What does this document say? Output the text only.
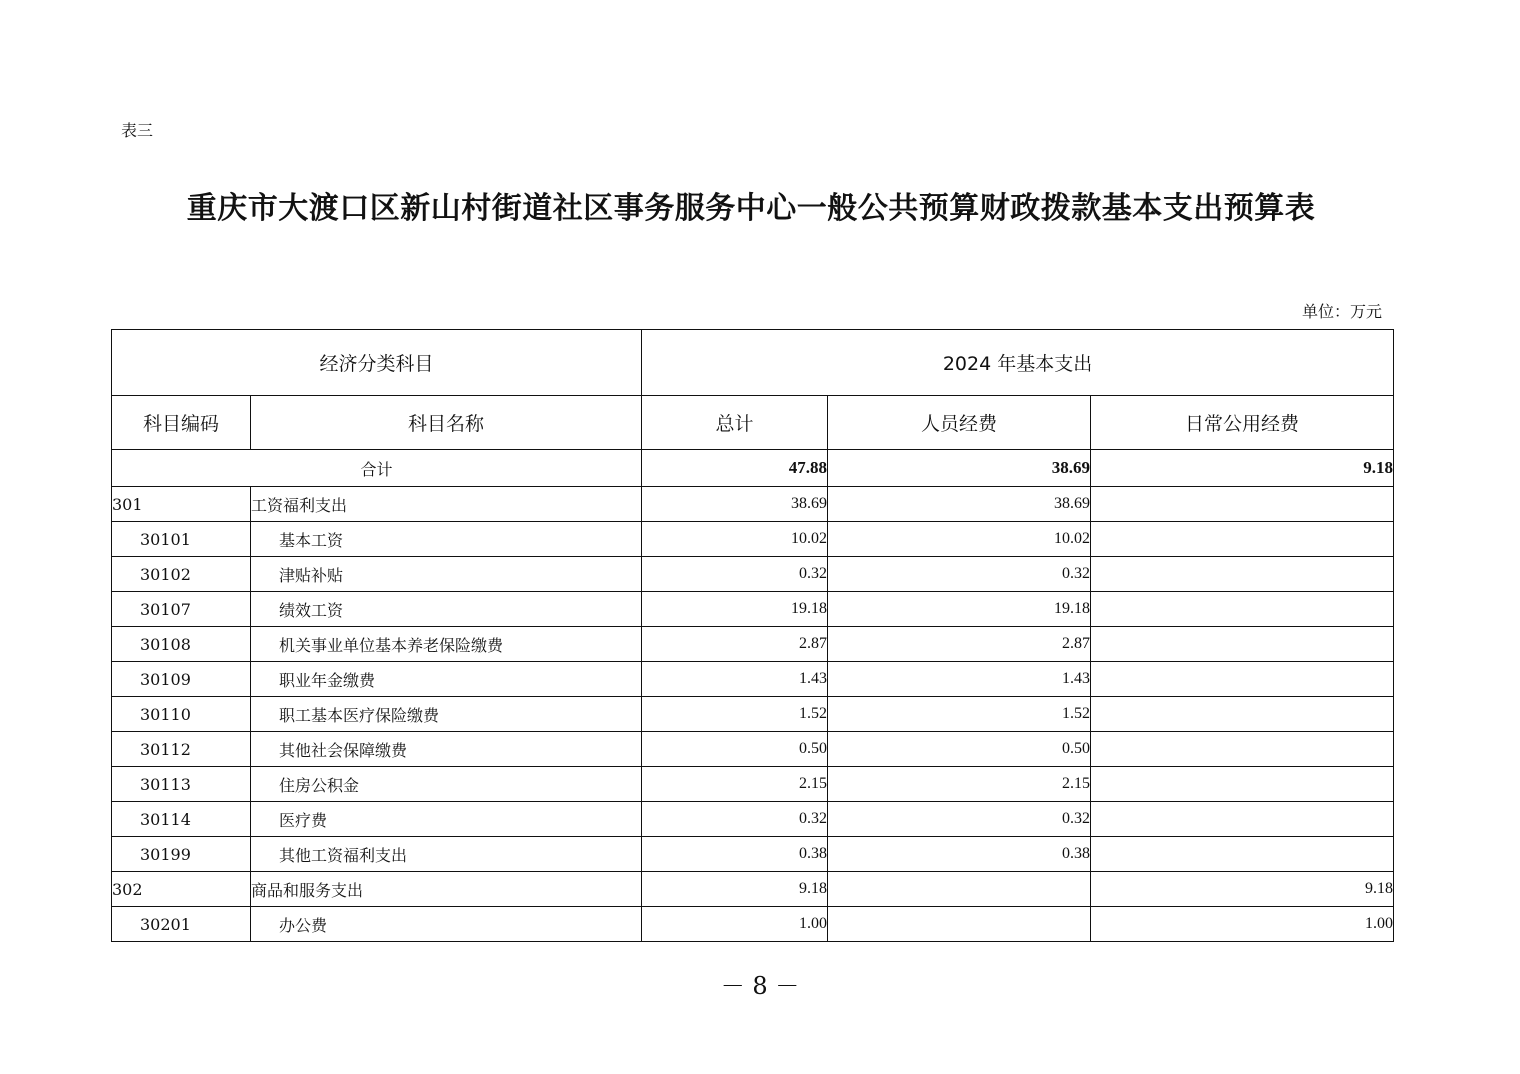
表三
重庆市大渡口区新山村街道社区事务服务中心一般公共预算财政拨款基本支出预算表
单位：万元
经济分类科目		2024 年基本支出		
科目编码	科目名称	总计	人员经费	日常公用经费
合计		47.88	38.69	9.18
301	工资福利支出	38.69	38.69	
30101	基本工资	10.02	10.02	
30102	津贴补贴	0.32	0.32	
30107	绩效工资	19.18	19.18	
30108	机关事业单位基本养老保险缴费	2.87	2.87	
30109	职业年金缴费	1.43	1.43	
30110	职工基本医疗保险缴费	1.52	1.52	
30112	其他社会保障缴费	0.50	0.50	
30113	住房公积金	2.15	2.15	
30114	医疗费	0.32	0.32	
30199	其他工资福利支出	0.38	0.38	
302	商品和服务支出	9.18		9.18
30201	办公费	1.00		1.00
－ 8 －
